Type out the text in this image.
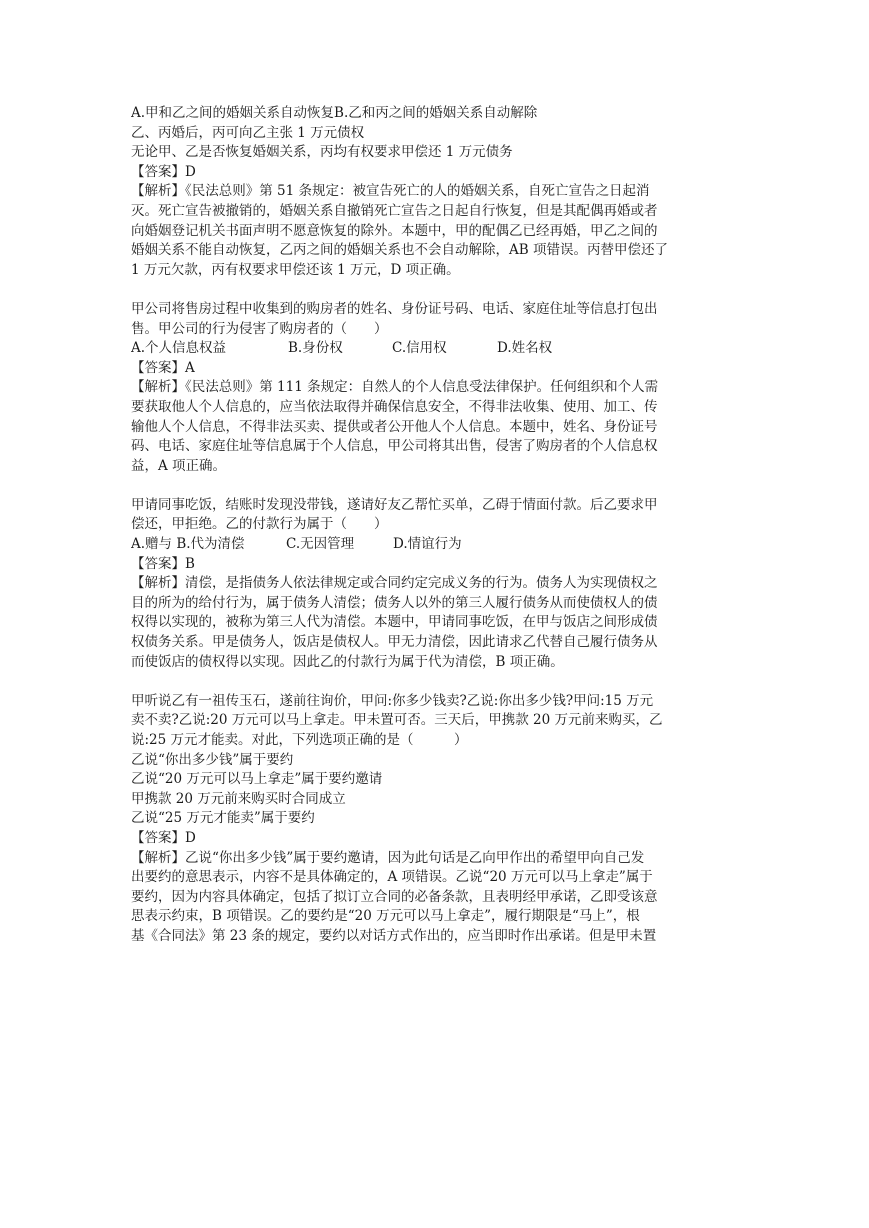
A.甲和乙之间的婚姻关系自动恢复B.乙和丙之间的婚姻关系自动解除
乙、丙婚后，丙可向乙主张 1 万元债权
无论甲、乙是否恢复婚姻关系，丙均有权要求甲偿还 1 万元债务
【答案】D
【解析】《民法总则》第 51 条规定：被宣告死亡的人的婚姻关系，自死亡宣告之日起消
灭。死亡宣告被撤销的，婚姻关系自撤销死亡宣告之日起自行恢复，但是其配偶再婚或者
向婚姻登记机关书面声明不愿意恢复的除外。本题中，甲的配偶乙已经再婚，甲乙之间的
婚姻关系不能自动恢复，乙丙之间的婚姻关系也不会自动解除，AB 项错误。丙替甲偿还了
1 万元欠款，丙有权要求甲偿还该 1 万元，D 项正确。
甲公司将售房过程中收集到的购房者的姓名、身份证号码、电话、家庭住址等信息打包出
售。甲公司的行为侵害了购房者的（　　）
A.个人信息权益	B.身份权	C.信用权	D.姓名权
【答案】A
【解析】《民法总则》第 111 条规定：自然人的个人信息受法律保护。任何组织和个人需
要获取他人个人信息的，应当依法取得并确保信息安全，不得非法收集、使用、加工、传
输他人个人信息，不得非法买卖、提供或者公开他人个人信息。本题中，姓名、身份证号
码、电话、家庭住址等信息属于个人信息，甲公司将其出售，侵害了购房者的个人信息权
益，A 项正确。
甲请同事吃饭，结账时发现没带钱，遂请好友乙帮忙买单，乙碍于情面付款。后乙要求甲
偿还，甲拒绝。乙的付款行为属于（　　）
A.赠与 B.代为清偿	C.无因管理	D.情谊行为
【答案】B
【解析】清偿，是指债务人依法律规定或合同约定完成义务的行为。债务人为实现债权之
目的所为的给付行为，属于债务人清偿；债务人以外的第三人履行债务从而使债权人的债
权得以实现的，被称为第三人代为清偿。本题中，甲请同事吃饭，在甲与饭店之间形成债
权债务关系。甲是债务人，饭店是债权人。甲无力清偿，因此请求乙代替自己履行债务从
而使饭店的债权得以实现。因此乙的付款行为属于代为清偿，B 项正确。
甲听说乙有一祖传玉石，遂前往询价，甲问:你多少钱卖?乙说:你出多少钱?甲问:15 万元
卖不卖?乙说:20 万元可以马上拿走。甲未置可否。三天后，甲携款 20 万元前来购买，乙
说:25 万元才能卖。对此，下列选项正确的是（　　　）
乙说“你出多少钱”属于要约
乙说“20 万元可以马上拿走”属于要约邀请
甲携款 20 万元前来购买时合同成立
乙说“25 万元才能卖”属于要约
【答案】D
【解析】乙说“你出多少钱”属于要约邀请，因为此句话是乙向甲作出的希望甲向自己发
出要约的意思表示，内容不是具体确定的，A 项错误。乙说“20 万元可以马上拿走”属于
要约，因为内容具体确定，包括了拟订立合同的必备条款，且表明经甲承诺，乙即受该意
思表示约束，B 项错误。乙的要约是“20 万元可以马上拿走”，履行期限是“马上”，根
基《合同法》第 23 条的规定，要约以对话方式作出的，应当即时作出承诺。但是甲未置
